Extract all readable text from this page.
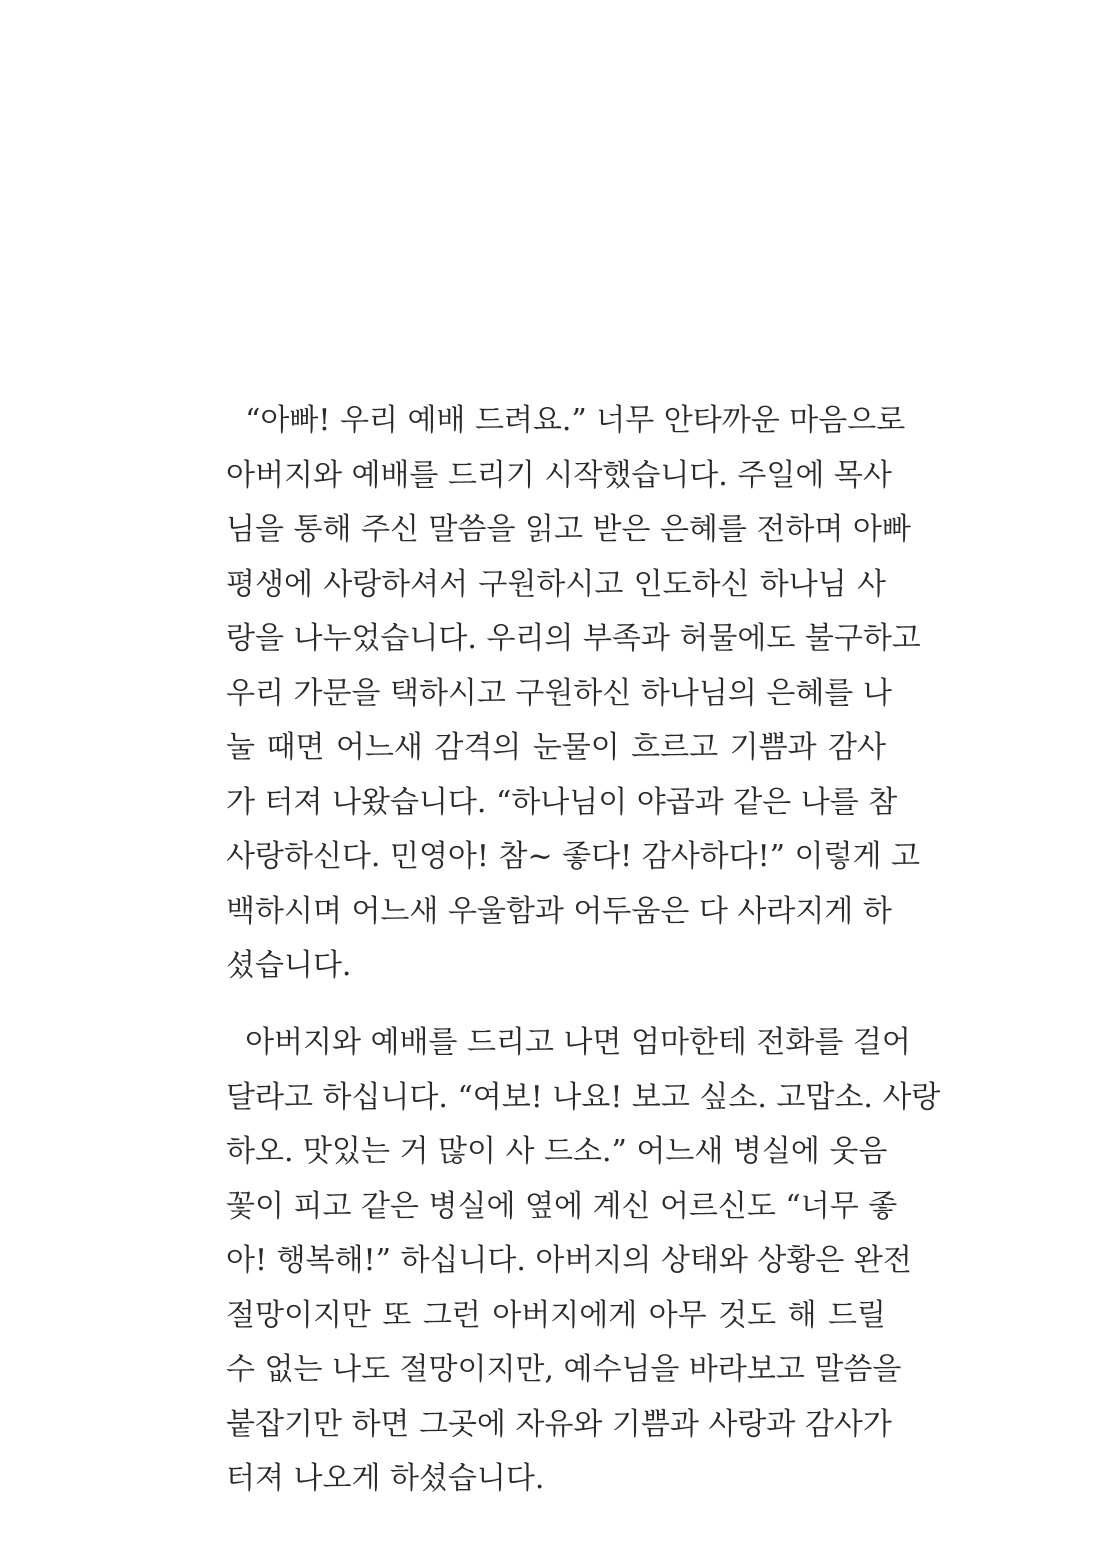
“아빠! 우리 예배 드려요.” 너무 안타까운 마음으로
아버지와 예배를 드리기 시작했습니다. 주일에 목사
님을 통해 주신 말씀을 읽고 받은 은혜를 전하며 아빠
평생에 사랑하셔서 구원하시고 인도하신 하나님 사
랑을 나누었습니다. 우리의 부족과 허물에도 불구하고
우리 가문을 택하시고 구원하신 하나님의 은혜를 나
눌 때면 어느새 감격의 눈물이 흐르고 기쁨과 감사
가 터져 나왔습니다. “하나님이 야곱과 같은 나를 참
사랑하신다. 민영아! 참~ 좋다! 감사하다!” 이렇게 고
백하시며 어느새 우울함과 어두움은 다 사라지게 하
셨습니다.
아버지와 예배를 드리고 나면 엄마한테 전화를 걸어
달라고 하십니다. “여보! 나요! 보고 싶소. 고맙소. 사랑
하오. 맛있는 거 많이 사 드소.” 어느새 병실에 웃음
꽃이 피고 같은 병실에 옆에 계신 어르신도 “너무 좋
아! 행복해!” 하십니다. 아버지의 상태와 상황은 완전
절망이지만 또 그런 아버지에게 아무 것도 해 드릴
수 없는 나도 절망이지만, 예수님을 바라보고 말씀을
붙잡기만 하면 그곳에 자유와 기쁨과 사랑과 감사가
터져 나오게 하셨습니다.
